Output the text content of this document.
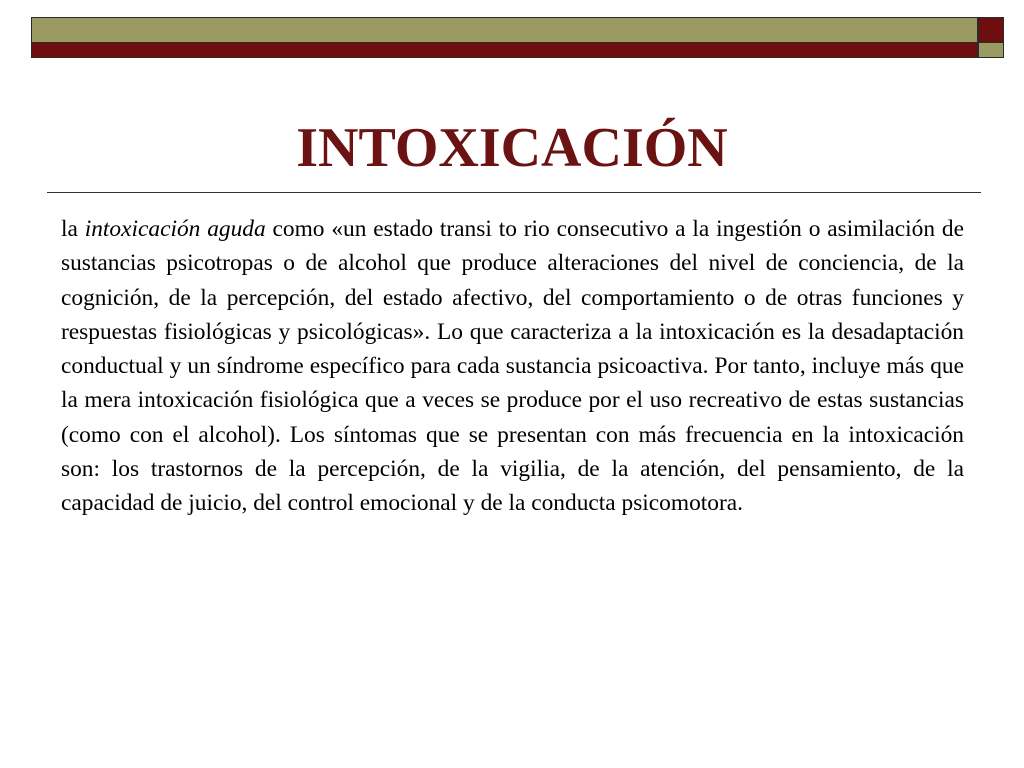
INTOXICACIÓN

la intoxicación aguda como «un estado transi to rio consecutivo a la ingestión o asimilación de sustancias psicotropas o de alcohol que produce alteraciones del nivel de conciencia, de la cognición, de la percepción, del estado afectivo, del comportamiento o de otras funciones y respuestas fisiológicas y psicológicas». Lo que caracteriza a la intoxicación es la desadaptación conductual y un síndrome específico para cada sustancia psicoactiva. Por tanto, incluye más que la mera intoxicación fisiológica que a veces se produce por el uso recreativo de estas sustancias (como con el alcohol). Los síntomas que se presentan con más frecuencia en la intoxicación son: los trastornos de la percepción, de la vigilia, de la atención, del pensamiento, de la capacidad de juicio, del control emocional y de la conducta psicomotora.
